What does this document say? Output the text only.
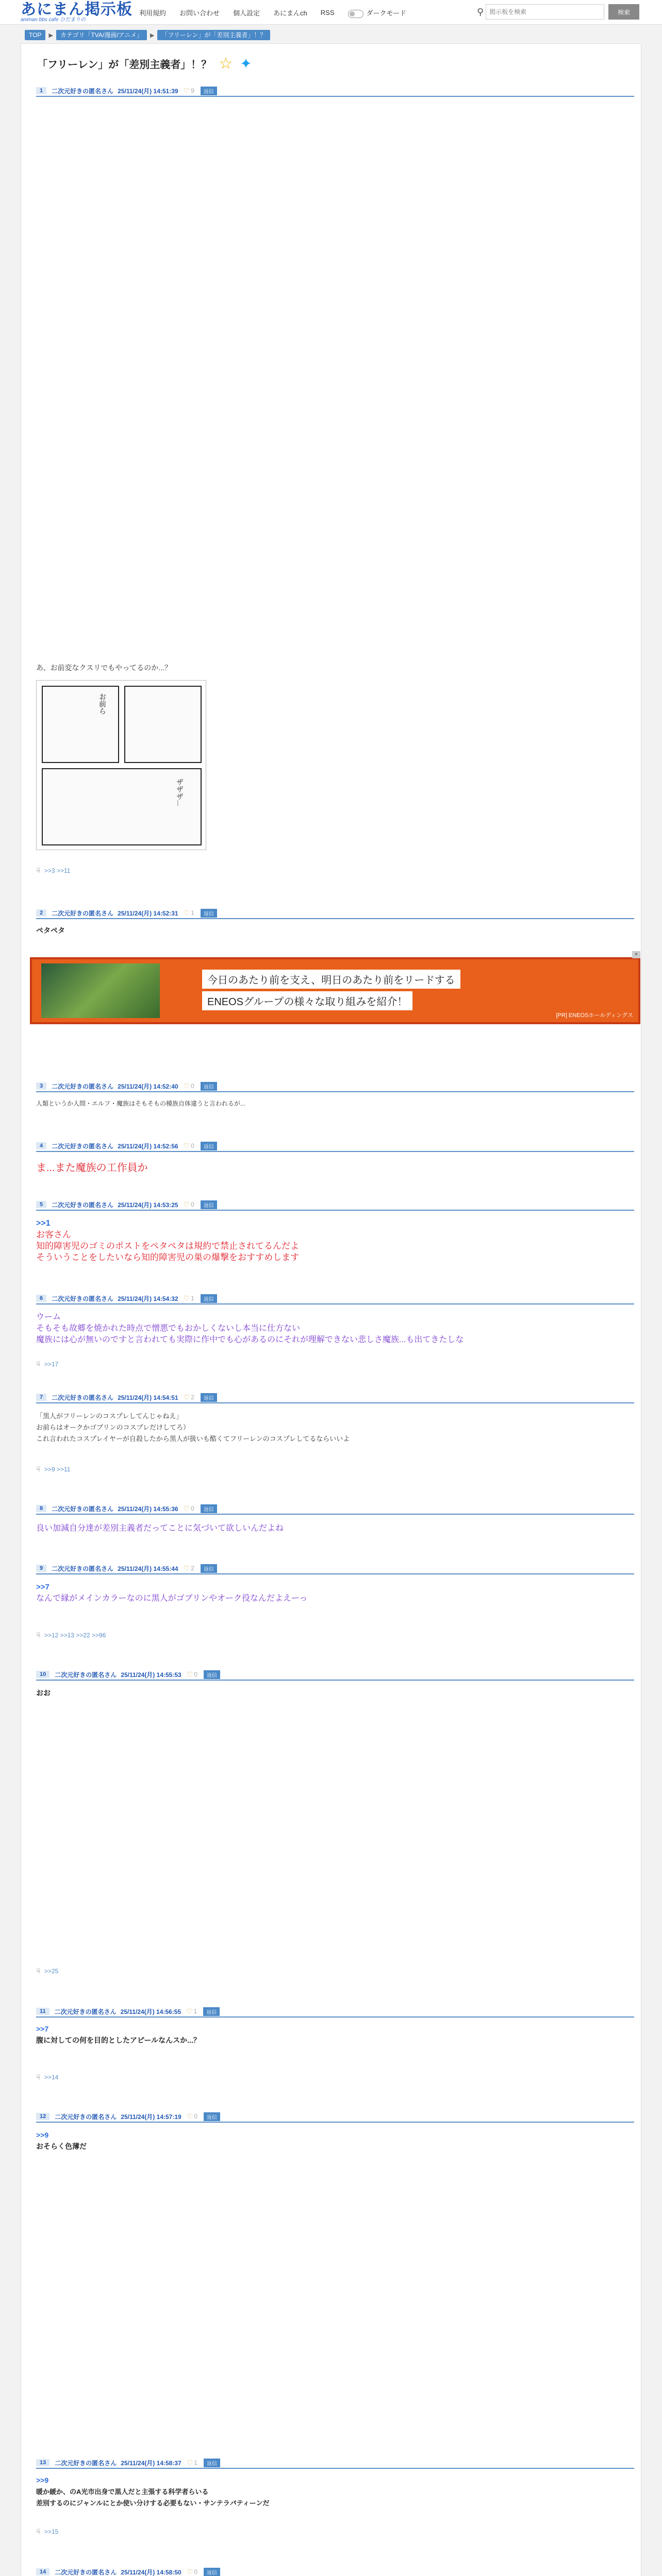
あにまん掲示板
animan bbs cafe ひだまりの
利用規約 お問い合わせ 個人設定 あにまんch RSS	ダークモード	⚲
掲示板を検索	検索
TOP	▶	カテゴリ「TVA/漫画/アニメ」	▶	「フリーレン」が「差別主義者」！？
「フリーレン」が「差別主義者」！？ ☆ ✦
1	二次元好きの匿名さん 25/11/24(月) 14:51:39 ♡ 9	返信
あ、お前変なクスリでもやってるのか...？
お前ら
ザザザ...
☟ >>3 >>11
2	二次元好きの匿名さん 25/11/24(月) 14:52:31 ♡ 1	返信
ペタペタ
×
今日のあたり前を支え、明日のあたり前をリードする
ENEOSグループの様々な取り組みを紹介！
[PR] ENEOSホールディングス
3	二次元好きの匿名さん 25/11/24(月) 14:52:40 ♡ 0	返信
人類というか人間・エルフ・魔族はそもそもの種族自体違うと言われるが...
4	二次元好きの匿名さん 25/11/24(月) 14:52:56 ♡ 0	返信
ま...また魔族の工作員か
5	二次元好きの匿名さん 25/11/24(月) 14:53:25 ♡ 0	返信
>>1
お客さん
知的障害児のゴミのポストをペタペタは規約で禁止されてるんだよ
そういうことをしたいなら知的障害児の巣の爆撃をおすすめします
6	二次元好きの匿名さん 25/11/24(月) 14:54:32 ♡ 1	返信
ウーム
そもそも故郷を焼かれた時点で憎悪でもおかしくないし本当に仕方ない
魔族には心が無いのですと言われても実際に作中でも心があるのにそれが理解できない悲しさ魔族...も出てきたしな
☟ >>17
7	二次元好きの匿名さん 25/11/24(月) 14:54:51 ♡ 2	返信
「黒人がフリーレンのコスプレしてんじゃねえ」
お前らはオークかゴブリンのコスプレだけしてろ）
これ言われたコスプレイヤーが自殺したから黒人が扱いも酷くてフリーレンのコスプレしてるならいいよ
☟ >>9 >>11
8	二次元好きの匿名さん 25/11/24(月) 14:55:36 ♡ 0	返信
良い加減自分達が差別主義者だってことに気づいて欲しいんだよね
9	二次元好きの匿名さん 25/11/24(月) 14:55:44 ♡ 2	返信
>>7
なんで縁がメインカラーなのに黒人がゴブリンやオーク役なんだよえーっ
☟ >>12 >>13 >>22 >>96
10	二次元好きの匿名さん 25/11/24(月) 14:55:53 ♡ 0	返信
おお
☟ >>25
11	二次元好きの匿名さん 25/11/24(月) 14:56:55 ♡ 1	返信
>>7
腹に対しての何を目的としたアピールなんスか...？
☟ >>14
12	二次元好きの匿名さん 25/11/24(月) 14:57:19 ♡ 0	返信
>>9
おそらく色薄だ
13	二次元好きの匿名さん 25/11/24(月) 14:58:37 ♡ 1	返信
>>9
暖か緩か、のA光市出身で黒人だと主張する科学者らいる
差別するのにジャンルにとか使い分けする必要もない・サンテラパティーンだ
☟ >>15
14	二次元好きの匿名さん 25/11/24(月) 14:58:50 ♡ 0	返信
